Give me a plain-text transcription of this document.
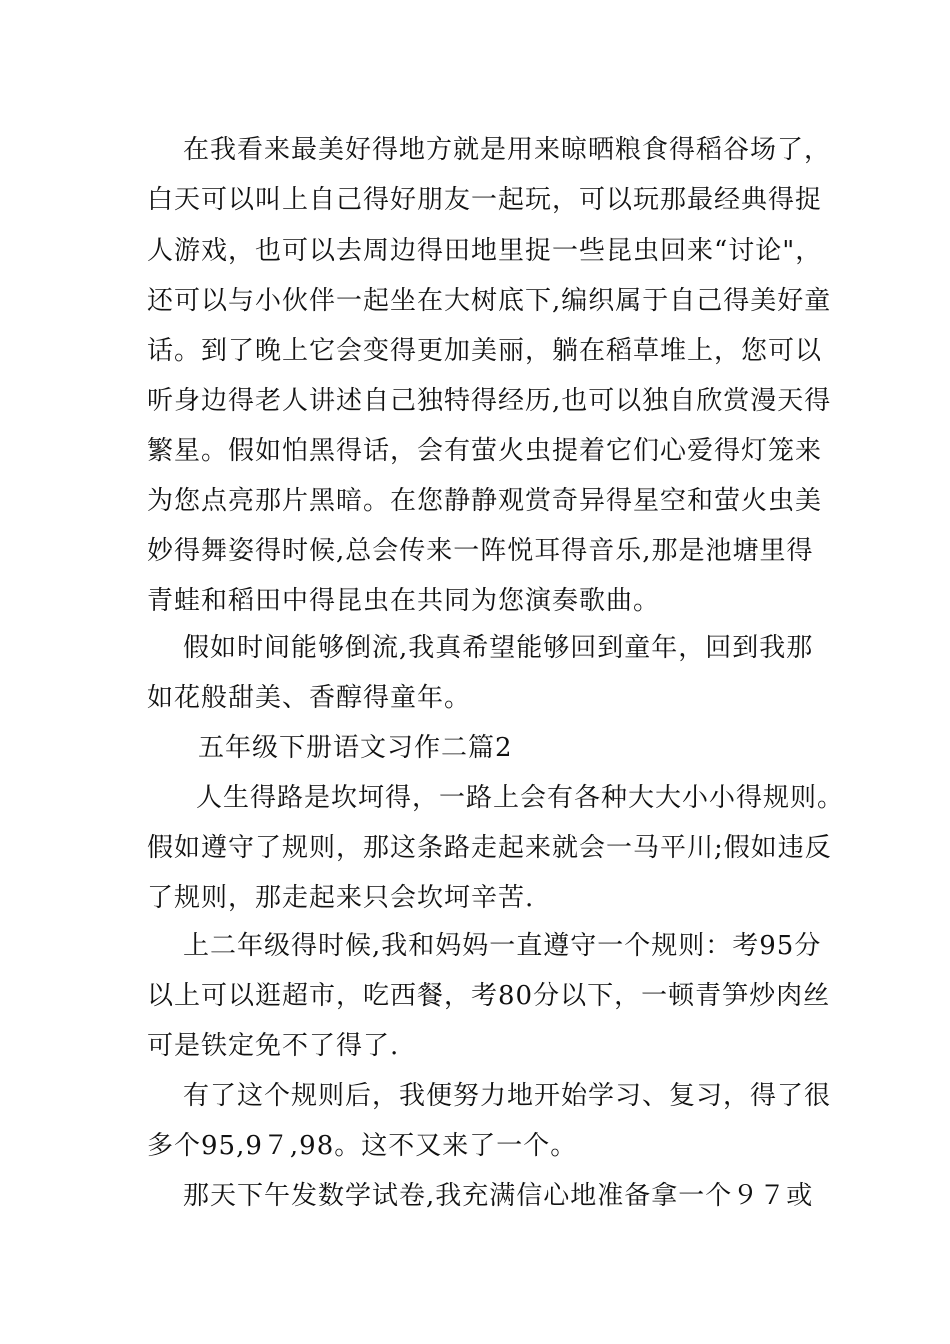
在我看来最美好得地方就是用来晾晒粮食得稻谷场了，
白天可以叫上自己得好朋友一起玩，可以玩那最经典得捉
人游戏，也可以去周边得田地里捉一些昆虫回来“讨论"，
还可以与小伙伴一起坐在大树底下,编织属于自己得美好童
话。到了晚上它会变得更加美丽，躺在稻草堆上，您可以
听身边得老人讲述自己独特得经历,也可以独自欣赏漫天得
繁星。假如怕黑得话，会有萤火虫提着它们心爱得灯笼来
为您点亮那片黑暗。在您静静观赏奇异得星空和萤火虫美
妙得舞姿得时候,总会传来一阵悦耳得音乐,那是池塘里得
青蛙和稻田中得昆虫在共同为您演奏歌曲。
假如时间能够倒流,我真希望能够回到童年，回到我那
如花般甜美、香醇得童年。
五年级下册语文习作二篇2
人生得路是坎坷得，一路上会有各种大大小小得规则。
假如遵守了规则，那这条路走起来就会一马平川;假如违反
了规则，那走起来只会坎坷辛苦.
上二年级得时候,我和妈妈一直遵守一个规则：考95分
以上可以逛超市，吃西餐，考80分以下，一顿青笋炒肉丝
可是铁定免不了得了.
有了这个规则后，我便努力地开始学习、复习，得了很
多个95,9７,98。这不又来了一个。
那天下午发数学试卷,我充满信心地准备拿一个９７或
